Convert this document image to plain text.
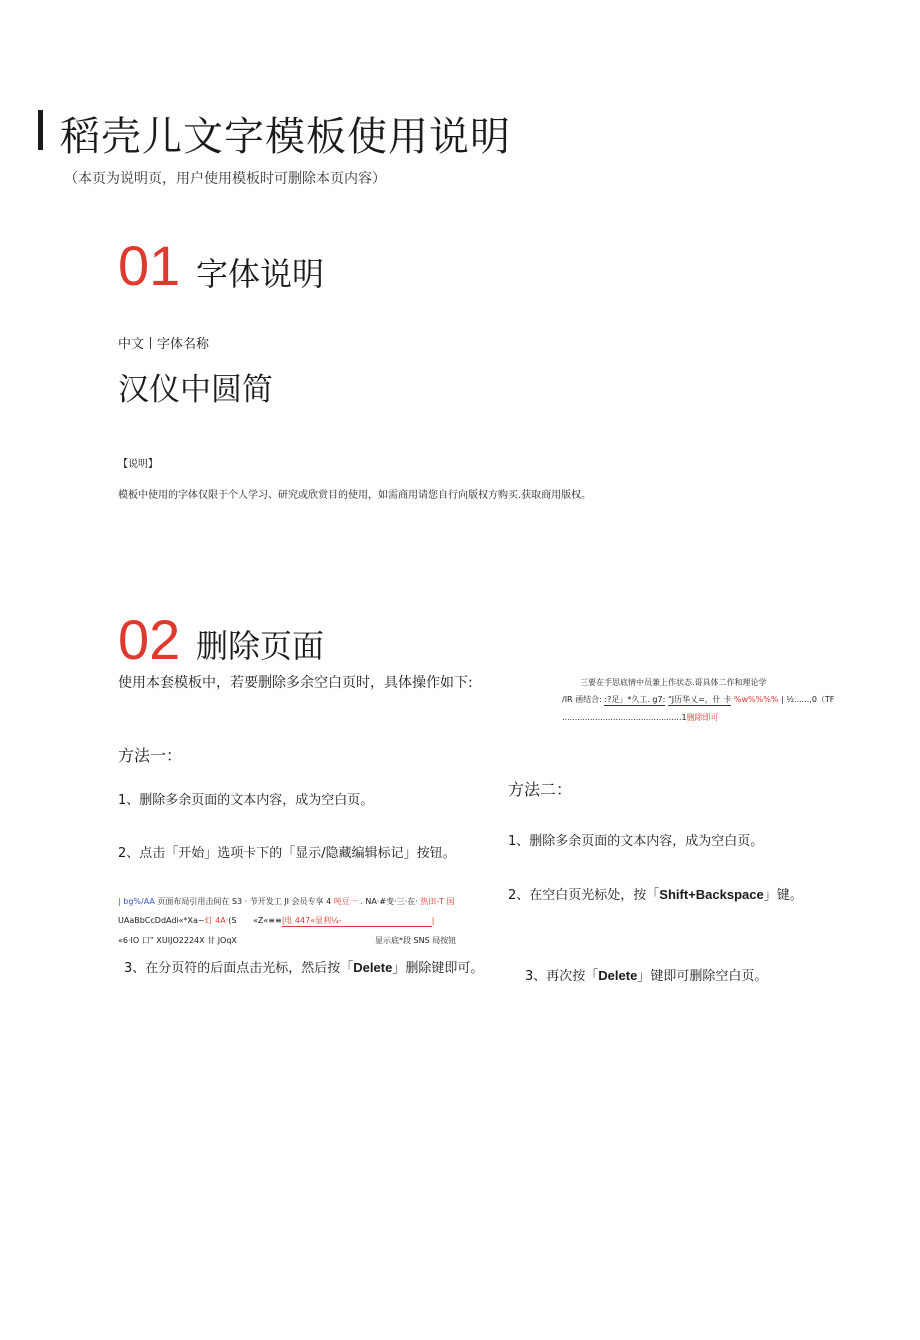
稻壳儿文字模板使用说明
（本页为说明页，用户使用模板时可删除本页内容）
01 字体说明
中文丨字体名称
汉仪中圆简
【说明】
模板中使用的字体仅限于个人学习、研究或欣赏目的使用，如需商用请您自行向版权方购买.获取商用版权。
02 删除页面
使用本套模板中，若要删除多余空白页时，具体操作如下:	三要在手思底情中员兼上作状态.哥具体二作和理论学
/IR 函结合: :?足」*久工. g7: “J历华乂=，什 卡 %w%%%% | ½......,0（TF
...............................................1删除即可
方法一：
1、删除多余页面的文本内容，成为空白页。
2、点击「开始」选项卡下的「显示/隐藏编辑标记」按钮。
| bg%/AA 页面布局引用击间在 S3 · 节开发工 JI 会员专享 4 吨豆一 . NA·#变·三·在· 热田-T 国
UAaBbCcDdAdi«*Xa~灯 4A·(S «Z«≡≡|电 447«显利¼-	|
«6·IO 口” XUIJO2224X 甘 JOqX	显示底*段 SNS 局按钮
3、在分页符的后面点击光标，然后按「Delete」删除键即可。
方法二：
1、删除多余页面的文本内容，成为空白页。
2、在空白页光标处，按「Shift+Backspace」键。
3、再次按「Delete」键即可删除空白页。
